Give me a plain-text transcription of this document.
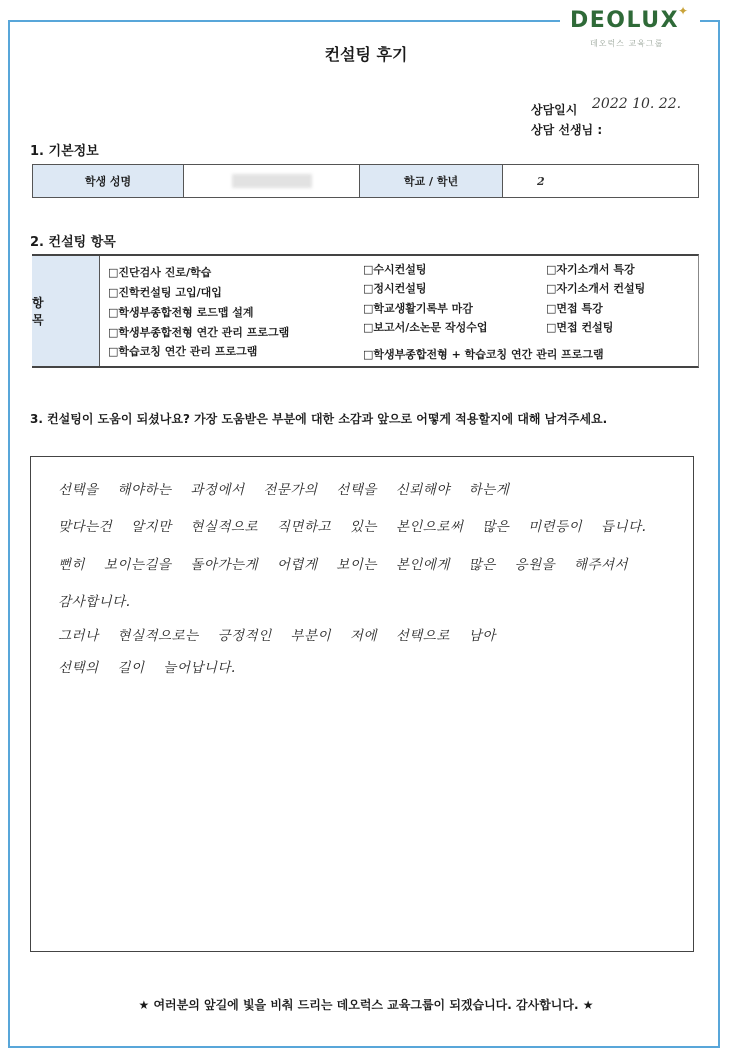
DEOLUX
✦
데오럭스 교육그룹
컨설팅 후기
상담일시 2022 10. 22.
상담 선생님 :
1. 기본정보
학생 성명		학교 / 학년	2
2. 컨설팅 항목
항 목
□진단검사 진로/학습
□진학컨설팅 고입/대입
□학생부종합전형 로드맵 설계
□학생부종합전형 연간 관리 프로그램
□학습코칭 연간 관리 프로그램
□수시컨설팅
□정시컨설팅
□학교생활기록부 마감
□보고서/소논문 작성수업
□학생부종합전형 + 학습코칭 연간 관리 프로그램
□자기소개서 특강
□자기소개서 컨설팅
□면접 특강
□면접 컨설팅
3. 컨설팅이 도움이 되셨나요? 가장 도움받은 부분에 대한 소감과 앞으로 어떻게 적용할지에 대해 남겨주세요.
선택을 해야하는 과정에서 전문가의 선택을 신뢰해야 하는게
맞다는건 알지만 현실적으로 직면하고 있는 본인으로써 많은 미련등이 듭니다.
뻔히 보이는길을 돌아가는게 어렵게 보이는 본인에게 많은 응원을 해주셔서
감사합니다.
그러나 현실적으로는 긍정적인 부분이 저에 선택으로 남아
선택의 길이 늘어납니다.
★ 여러분의 앞길에 빛을 비춰 드리는 데오럭스 교육그룹이 되겠습니다. 감사합니다. ★
